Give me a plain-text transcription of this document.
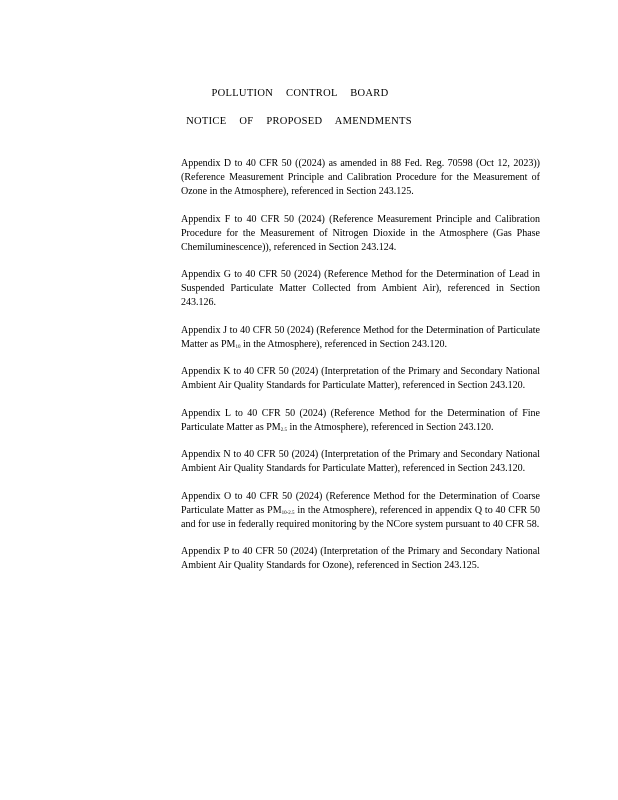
POLLUTION CONTROL BOARD
NOTICE OF PROPOSED AMENDMENTS

Appendix D to 40 CFR 50 ((2024) as amended in 88 Fed. Reg. 70598 (Oct 12, 2023)) (Reference Measurement Principle and Calibration Procedure for the Measurement of Ozone in the Atmosphere), referenced in Section 243.125.

Appendix F to 40 CFR 50 (2024) (Reference Measurement Principle and Calibration Procedure for the Measurement of Nitrogen Dioxide in the Atmosphere (Gas Phase Chemiluminescence)), referenced in Section 243.124.

Appendix G to 40 CFR 50 (2024) (Reference Method for the Determination of Lead in Suspended Particulate Matter Collected from Ambient Air), referenced in Section 243.126.

Appendix J to 40 CFR 50 (2024) (Reference Method for the Determination of Particulate Matter as $PM_{10}$ in the Atmosphere), referenced in Section 243.120.

Appendix K to 40 CFR 50 (2024) (Interpretation of the Primary and Secondary National Ambient Air Quality Standards for Particulate Matter), referenced in Section 243.120.

Appendix L to 40 CFR 50 (2024) (Reference Method for the Determination of Fine Particulate Matter as $PM_{2.5}$ in the Atmosphere), referenced in Section 243.120.

Appendix N to 40 CFR 50 (2024) (Interpretation of the Primary and Secondary National Ambient Air Quality Standards for Particulate Matter), referenced in Section 243.120.

Appendix O to 40 CFR 50 (2024) (Reference Method for the Determination of Coarse Particulate Matter as $PM_{10-2.5}$ in the Atmosphere), referenced in appendix Q to 40 CFR 50 and for use in federally required monitoring by the NCore system pursuant to 40 CFR 58.

Appendix P to 40 CFR 50 (2024) (Interpretation of the Primary and Secondary National Ambient Air Quality Standards for Ozone), referenced in Section 243.125.
